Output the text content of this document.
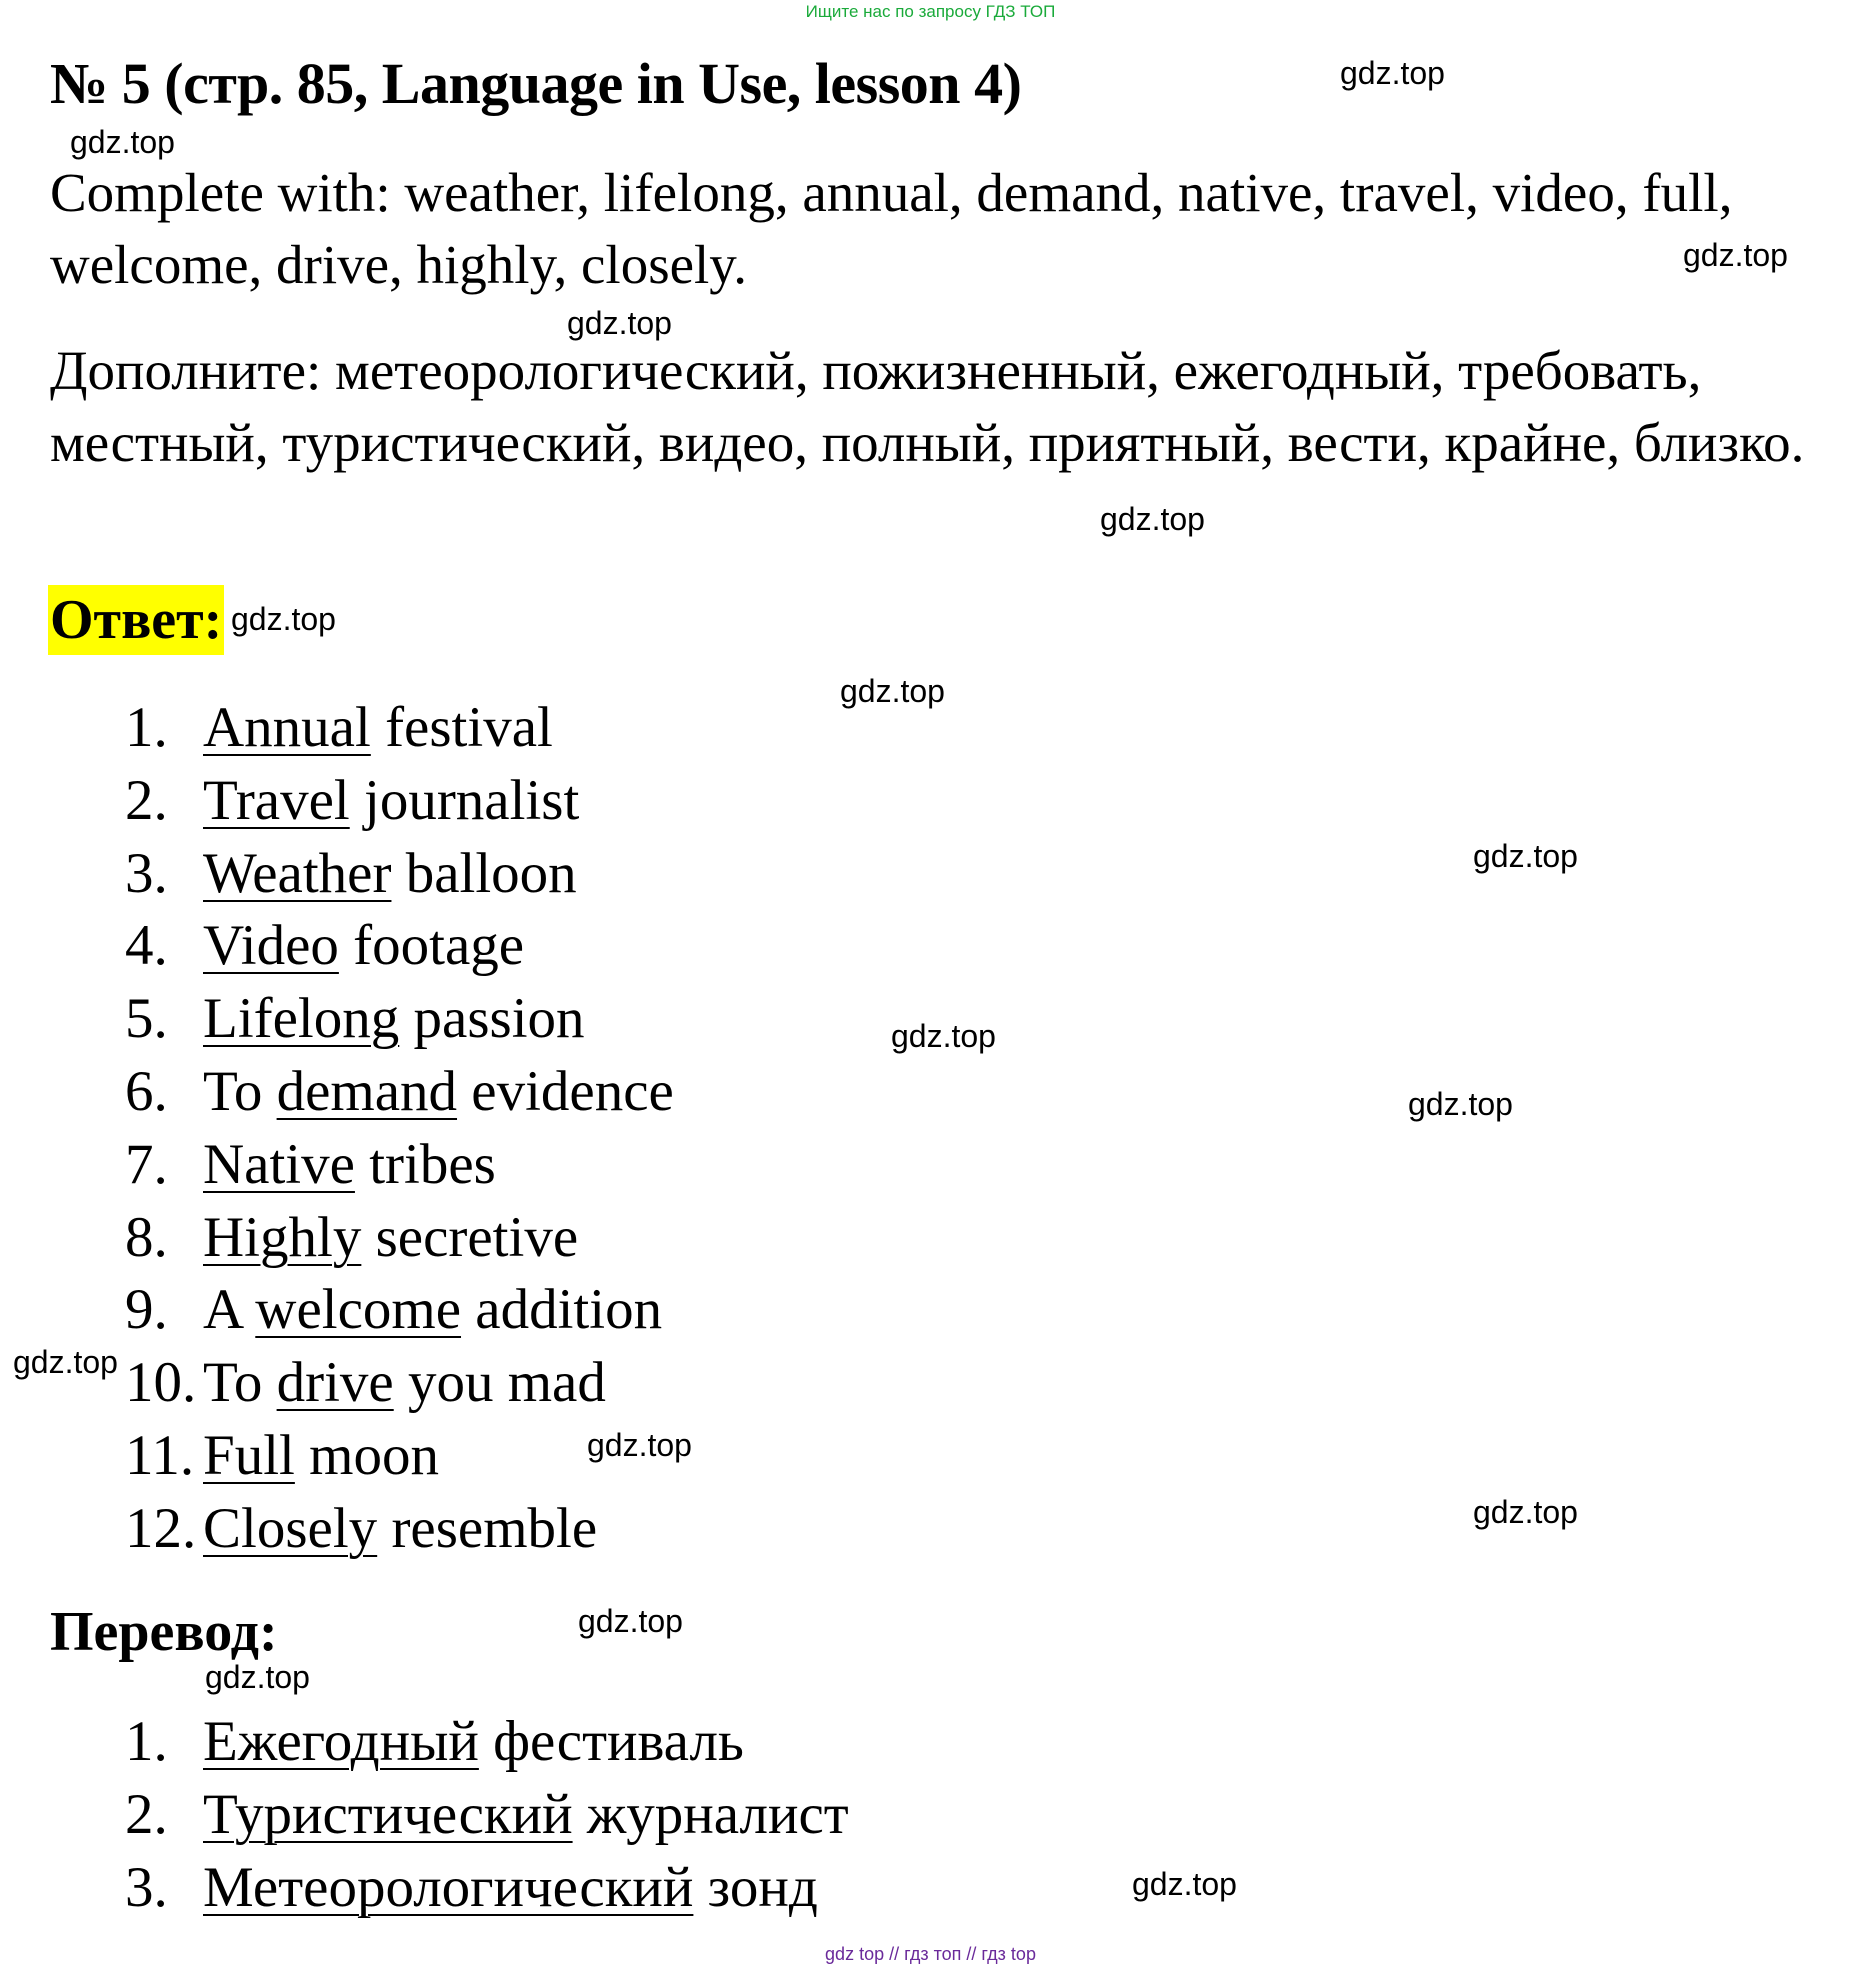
Ищите нас по запросу ГДЗ ТОП
№ 5 (стр. 85, Language in Use, lesson 4)
Complete with: weather, lifelong, annual, demand, native, travel, video, full, welcome, drive, highly, closely.
Дополните: метеорологический, пожизненный, ежегодный, требовать, местный, туристический, видео, полный, приятный, вести, крайне, близко.
Ответ:
1. Annual festival
2. Travel journalist
3. Weather balloon
4. Video footage
5. Lifelong passion
6. To demand evidence
7. Native tribes
8. Highly secretive
9. A welcome addition
10. To drive you mad
11. Full moon
12. Closely resemble
Перевод:
1. Ежегодный фестиваль
2. Туристический журналист
3. Метеорологический зонд
gdz.top
gdz.top
gdz.top
gdz.top
gdz.top
gdz.top
gdz.top
gdz.top
gdz.top
gdz.top
gdz.top
gdz.top
gdz.top
gdz.top
gdz.top
gdz.top
gdz top // гдз топ // гдз top
